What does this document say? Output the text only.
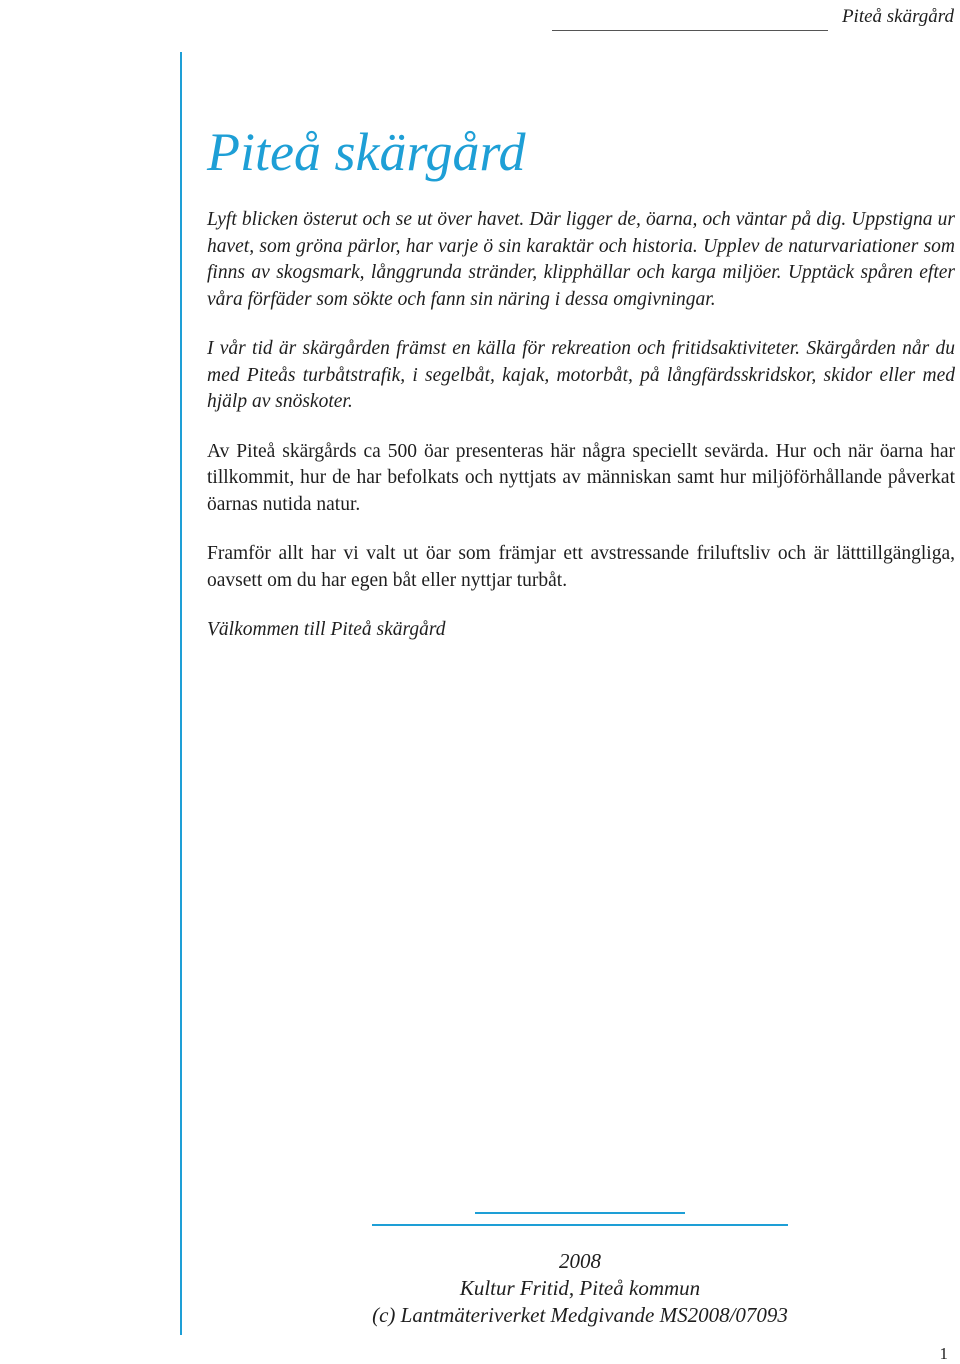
Piteå skärgård
Piteå skärgård

Lyft blicken österut och se ut över havet. Där ligger de, öarna, och väntar på dig. Uppstigna ur havet, som gröna pärlor, har varje ö sin karaktär och historia. Upplev de naturvariationer som finns av skogsmark, långgrunda stränder, klipphällar och karga miljöer. Upptäck spåren efter våra förfäder som sökte och fann sin näring i dessa omgivningar.

I vår tid är skärgården främst en källa för rekreation och fritidsaktiviteter. Skärgården når du med Piteås turbåtstrafik, i segelbåt, kajak, motorbåt, på långfärdsskridskor, skidor eller med hjälp av snöskoter.

Av Piteå skärgårds ca 500 öar presenteras här några speciellt sevärda. Hur och när öarna har tillkommit, hur de har befolkats och nyttjats av människan samt hur miljöförhållande påverkat öarnas nutida natur.

Framför allt har vi valt ut öar som främjar ett avstressande friluftsliv och är lätttillgängliga, oavsett om du har egen båt eller nyttjar turbåt.

Välkommen till Piteå skärgård

2008
Kultur Fritid, Piteå kommun
(c) Lantmäteriverket Medgivande MS2008/07093
1
